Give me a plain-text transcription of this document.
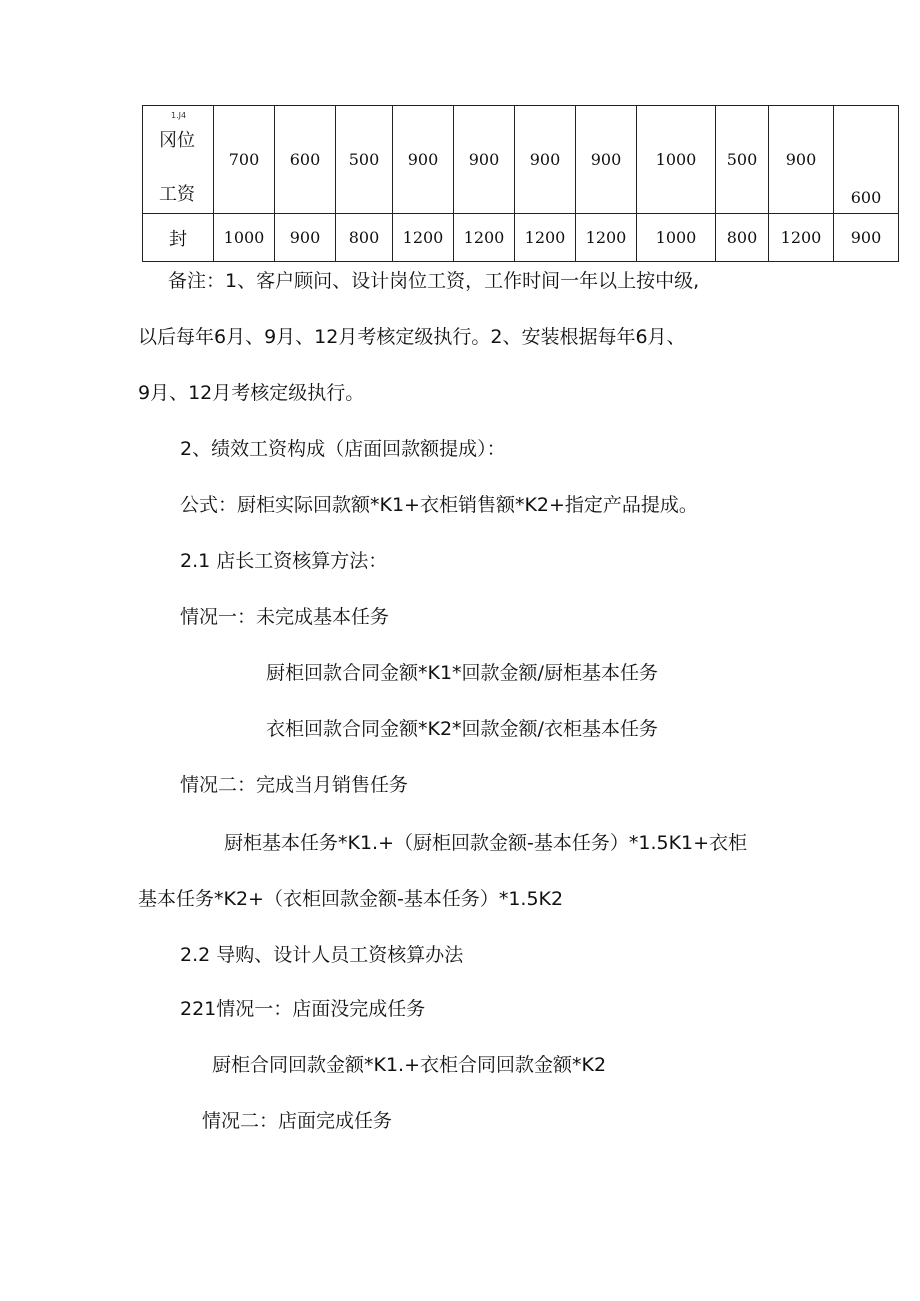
1.J4
冈位
工资	700	600	500	900	900	900	900	1000	500	900	600
封	1000	900	800	1200	1200	1200	1200	1000	800	1200	900
备注：1、客户顾问、设计岗位工资，工作时间一年以上按中级,
以后每年6月、9月、12月考核定级执行。2、安装根据每年6月、
9月、12月考核定级执行。
2、绩效工资构成（店面回款额提成）：
公式：厨柜实际回款额*K1+衣柜销售额*K2+指定产品提成。
2.1 店长工资核算方法：
情况一：未完成基本任务
厨柜回款合同金额*K1*回款金额/厨柜基本任务
衣柜回款合同金额*K2*回款金额/衣柜基本任务
情况二：完成当月销售任务
厨柜基本任务*K1.+（厨柜回款金额-基本任务）*1.5K1+衣柜
基本任务*K2+（衣柜回款金额-基本任务）*1.5K2
2.2 导购、设计人员工资核算办法
221情况一：店面没完成任务
厨柜合同回款金额*K1.+衣柜合同回款金额*K2
情况二：店面完成任务
